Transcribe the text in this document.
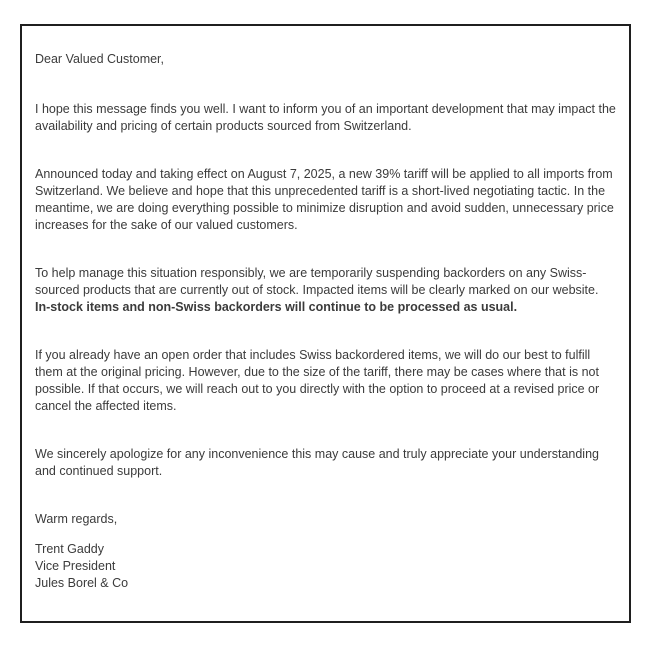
Dear Valued Customer,

I hope this message finds you well. I want to inform you of an important development that may impact the availability and pricing of certain products sourced from Switzerland.

Announced today and taking effect on August 7, 2025, a new 39% tariff will be applied to all imports from Switzerland. We believe and hope that this unprecedented tariff is a short-lived negotiating tactic. In the meantime, we are doing everything possible to minimize disruption and avoid sudden, unnecessary price increases for the sake of our valued customers.

To help manage this situation responsibly, we are temporarily suspending backorders on any Swiss-sourced products that are currently out of stock. Impacted items will be clearly marked on our website. In-stock items and non-Swiss backorders will continue to be processed as usual.

If you already have an open order that includes Swiss backordered items, we will do our best to fulfill them at the original pricing. However, due to the size of the tariff, there may be cases where that is not possible. If that occurs, we will reach out to you directly with the option to proceed at a revised price or cancel the affected items.

We sincerely apologize for any inconvenience this may cause and truly appreciate your understanding and continued support.

Warm regards,

Trent Gaddy

Vice President

Jules Borel & Co
